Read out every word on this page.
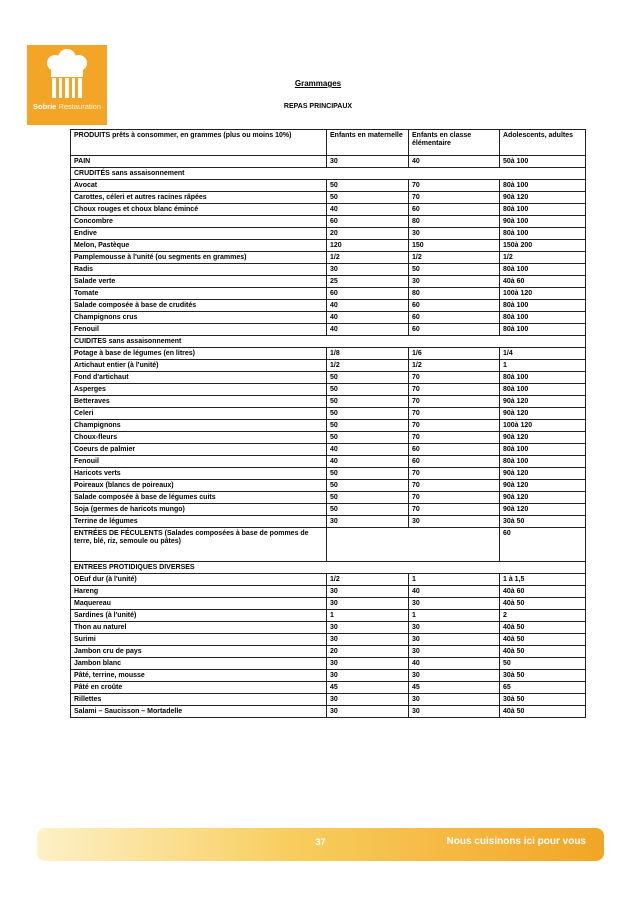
Sobrie Restauration
Grammages
REPAS PRINCIPAUX
PRODUITS prêts à consommer, en grammes (plus ou moins 10%)	Enfants en maternelle	Enfants en classe élémentaire	Adolescents, adultes
PAIN	30	40	50à 100
CRUDITÉS sans assaisonnement			
Avocat	50	70	80à 100
Carottes, céleri et autres racines râpées	50	70	90à 120
Choux rouges et choux blanc émincé	40	60	80à 100
Concombre	60	80	90à 100
Endive	20	30	80à 100
Melon, Pastèque	120	150	150à 200
Pamplemousse à l'unité (ou segments en grammes)	1/2	1/2	1/2
Radis	30	50	80à 100
Salade verte	25	30	40à 60
Tomate	60	80	100à 120
Salade composée à base de crudités	40	60	80à 100
Champignons crus	40	60	80à 100
Fenouil	40	60	80à 100
CUIDITES sans assaisonnement			
Potage à base de légumes (en litres)	1/8	1/6	1/4
Artichaut entier (à l'unité)	1/2	1/2	1
Fond d'artichaut	50	70	80à 100
Asperges	50	70	80à 100
Betteraves	50	70	90à 120
Celeri	50	70	90à 120
Champignons	50	70	100à 120
Choux-fleurs	50	70	90à 120
Coeurs de palmier	40	60	80à 100
Fenouil	40	60	80à 100
Haricots verts	50	70	90à 120
Poireaux (blancs de poireaux)	50	70	90à 120
Salade composée à base de légumes cuits	50	70	90à 120
Soja (germes de haricots mungo)	50	70	90à 120
Terrine de légumes	30	30	30à 50
ENTRÉES DE FÉCULENTS (Salades composées à base de pommes de terre, blé, riz, semoule ou pâtes)			60
ENTREES PROTIDIQUES DIVERSES			
OEuf dur (à l'unité)	1/2	1	1 à 1,5
Hareng	30	40	40à 60
Maquereau	30	30	40à 50
Sardines (à l'unité)	1	1	2
Thon au naturel	30	30	40à 50
Surimi	30	30	40à 50
Jambon cru de pays	20	30	40à 50
Jambon blanc	30	40	50
Pâté, terrine, mousse	30	30	30à 50
Pâté en croûte	45	45	65
Rillettes	30	30	30à 50
Salami – Saucisson – Mortadelle	30	30	40à 50
37	Nous cuisinons ici pour vous
